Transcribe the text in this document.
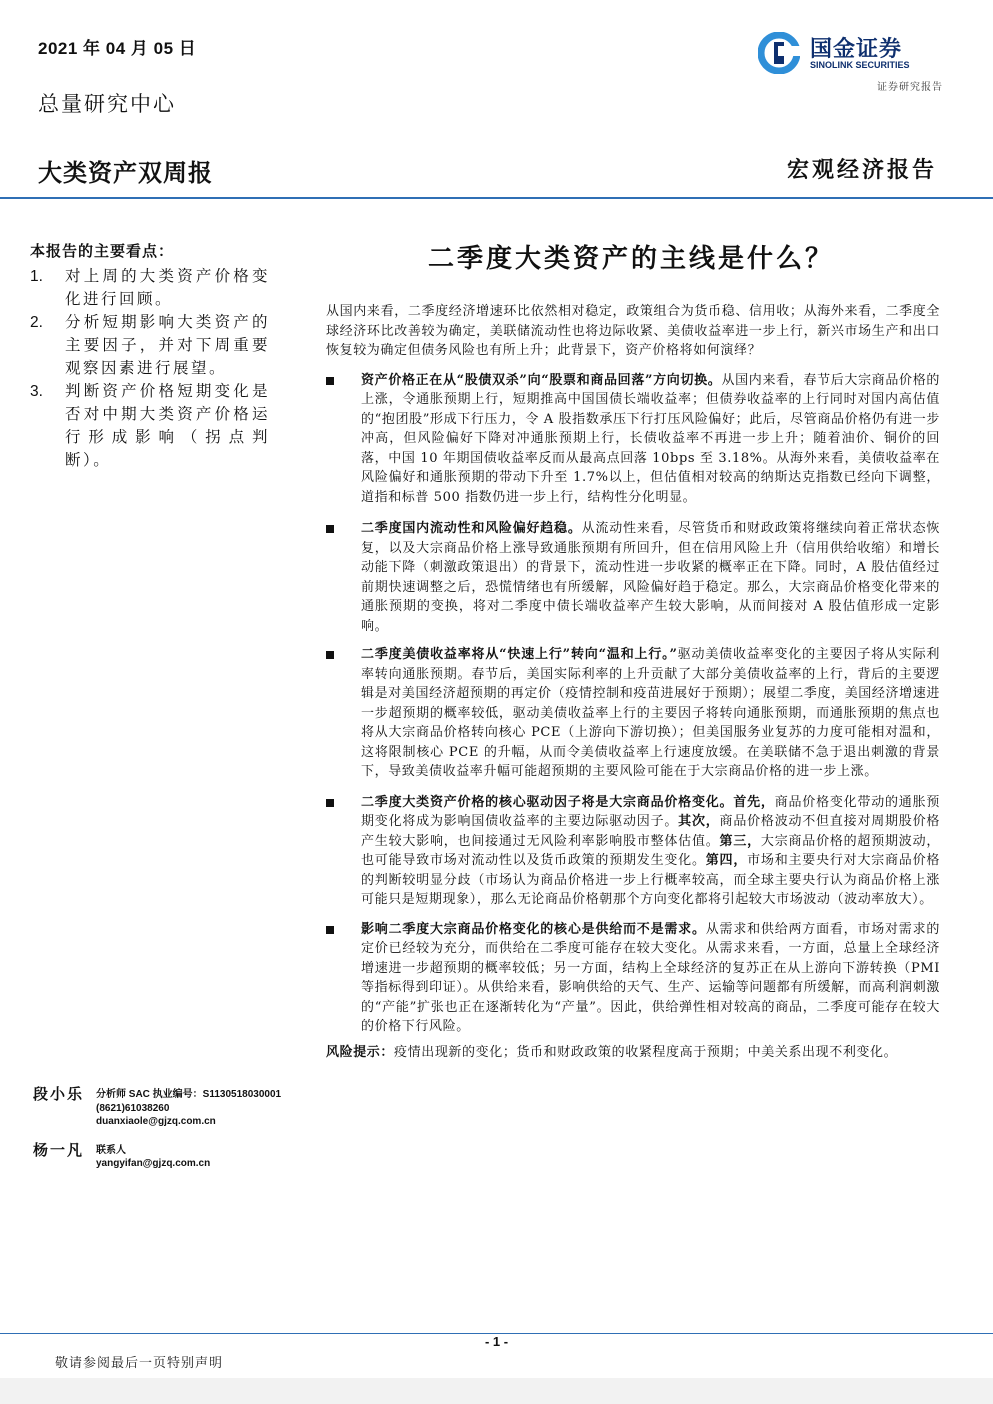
2021 年 04 月 05 日
总量研究中心
大类资产双周报	宏观经济报告
国金证券
SINOLINK SECURITIES
证券研究报告
本报告的主要看点：
1. 对上周的大类资产价格变化进行回顾。
2. 分析短期影响大类资产的主要因子，并对下周重要观察因素进行展望。
3. 判断资产价格短期变化是否对中期大类资产价格运行形成影响（拐点判断）。
二季度大类资产的主线是什么？

从国内来看，二季度经济增速环比依然相对稳定，政策组合为货币稳、信用收；从海外来看，二季度全球经济环比改善较为确定，美联储流动性也将边际收紧、美债收益率进一步上行，新兴市场生产和出口恢复较为确定但债务风险也有所上升；此背景下，资产价格将如何演绎？

资产价格正在从“股债双杀”向“股票和商品回落”方向切换。从国内来看，春节后大宗商品价格的上涨，令通胀预期上行，短期推高中国国债长端收益率；但债券收益率的上行同时对国内高估值的“抱团股”形成下行压力，令 A 股指数承压下行打压风险偏好；此后，尽管商品价格仍有进一步冲高，但风险偏好下降对冲通胀预期上行，长债收益率不再进一步上升；随着油价、铜价的回落，中国 10 年期国债收益率反而从最高点回落 10bps 至 3.18%。从海外来看，美债收益率在风险偏好和通胀预期的带动下升至 1.7%以上，但估值相对较高的纳斯达克指数已经向下调整，道指和标普 500 指数仍进一步上行，结构性分化明显。
二季度国内流动性和风险偏好趋稳。从流动性来看，尽管货币和财政政策将继续向着正常状态恢复，以及大宗商品价格上涨导致通胀预期有所回升，但在信用风险上升（信用供给收缩）和增长动能下降（刺激政策退出）的背景下，流动性进一步收紧的概率正在下降。同时，A 股估值经过前期快速调整之后，恐慌情绪也有所缓解，风险偏好趋于稳定。那么，大宗商品价格变化带来的通胀预期的变换，将对二季度中债长端收益率产生较大影响，从而间接对 A 股估值形成一定影响。
二季度美债收益率将从“快速上行”转向“温和上行。”驱动美债收益率变化的主要因子将从实际利率转向通胀预期。春节后，美国实际利率的上升贡献了大部分美债收益率的上行，背后的主要逻辑是对美国经济超预期的再定价（疫情控制和疫苗进展好于预期）；展望二季度，美国经济增速进一步超预期的概率较低，驱动美债收益率上行的主要因子将转向通胀预期，而通胀预期的焦点也将从大宗商品价格转向核心 PCE（上游向下游切换）；但美国服务业复苏的力度可能相对温和，这将限制核心 PCE 的升幅，从而令美债收益率上行速度放缓。在美联储不急于退出刺激的背景下，导致美债收益率升幅可能超预期的主要风险可能在于大宗商品价格的进一步上涨。
二季度大类资产价格的核心驱动因子将是大宗商品价格变化。首先，商品价格变化带动的通胀预期变化将成为影响国债收益率的主要边际驱动因子。其次，商品价格波动不但直接对周期股价格产生较大影响，也间接通过无风险利率影响股市整体估值。第三，大宗商品价格的超预期波动，也可能导致市场对流动性以及货币政策的预期发生变化。第四，市场和主要央行对大宗商品价格的判断较明显分歧（市场认为商品价格进一步上行概率较高，而全球主要央行认为商品价格上涨可能只是短期现象），那么无论商品价格朝那个方向变化都将引起较大市场波动（波动率放大）。
影响二季度大宗商品价格变化的核心是供给而不是需求。从需求和供给两方面看，市场对需求的定价已经较为充分，而供给在二季度可能存在较大变化。从需求来看，一方面，总量上全球经济增速进一步超预期的概率较低；另一方面，结构上全球经济的复苏正在从上游向下游转换（PMI 等指标得到印证）。从供给来看，影响供给的天气、生产、运输等问题都有所缓解，而高利润刺激的“产能”扩张也正在逐渐转化为“产量”。因此，供给弹性相对较高的商品，二季度可能存在较大的价格下行风险。

风险提示：疫情出现新的变化；货币和财政政策的收紧程度高于预期；中美关系出现不利变化。

段小乐 分析师 SAC 执业编号：S1130518030001
(8621)61038260
duanxiaole@gjzq.com.cn
杨一凡 联系人
yangyifan@gjzq.com.cn
- 1 -
敬请参阅最后一页特别声明
